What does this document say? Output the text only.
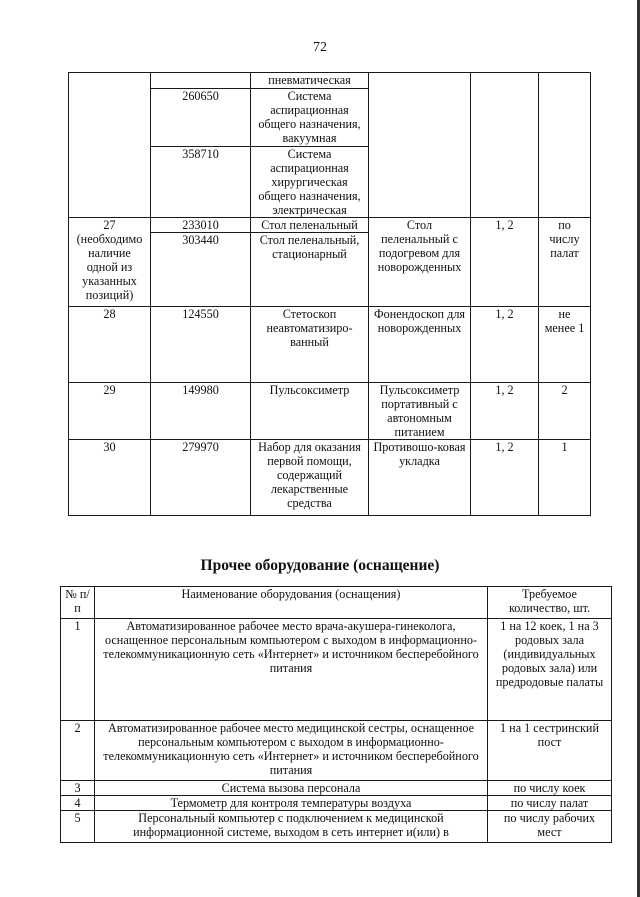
72
		пневматическая			
	260650	Система аспирационная общего назначения, вакуумная			
	358710	Система аспирационная хирургическая общего назначения, электрическая			
27 (необходимо наличие одной из указанных позиций)	233010	Стол пеленальный	Стол пеленальный с подогревом для новорожденных	1, 2	по числу палат
	303440	Стол пеленальный, стационарный			
28	124550	Стетоскоп неавтоматизиро-ванный	Фонендоскоп для новорожденных	1, 2	не менее 1
29	149980	Пульсоксиметр	Пульсоксиметр портативный с автономным питанием	1, 2	2
30	279970	Набор для оказания первой помощи, содержащий лекарственные средства	Противошо-ковая укладка	1, 2	1
Прочее оборудование (оснащение)
№ п/п	Наименование оборудования (оснащения)	Требуемое количество, шт.
1	Автоматизированное рабочее место врача-акушера-гинеколога, оснащенное персональным компьютером с выходом в информационно-телекоммуникационную сеть «Интернет» и источником бесперебойного питания	1 на 12 коек, 1 на 3 родовых зала (индивидуальных родовых зала) или предродовые палаты
2	Автоматизированное рабочее место медицинской сестры, оснащенное персональным компьютером с выходом в информационно-телекоммуникационную сеть «Интернет» и источником бесперебойного питания	1 на 1 сестринский пост
3	Система вызова персонала	по числу коек
4	Термометр для контроля температуры воздуха	по числу палат
5	Персональный компьютер с подключением к медицинской информационной системе, выходом в сеть интернет и(или) в	по числу рабочих мест
